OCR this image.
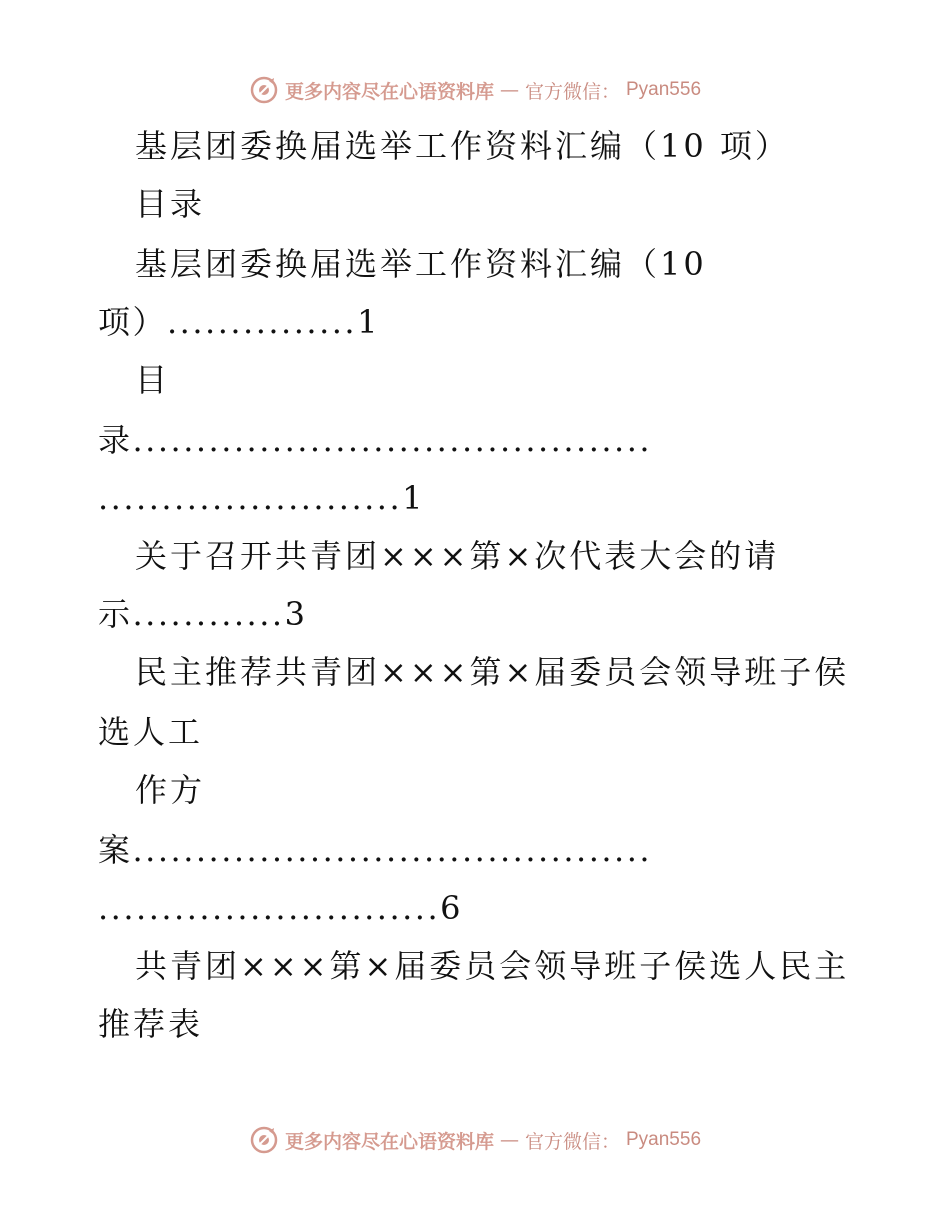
更多内容尽在心语资料库 — 官方微信： Pyan556
基层团委换届选举工作资料汇编（10 项）
目录
基层团委换届选举工作资料汇编（10
项）...............1
目
录.........................................
........................1
关于召开共青团×××第×次代表大会的请
示............3
民主推荐共青团×××第×届委员会领导班子侯
选人工
作方
案.........................................
...........................6
共青团×××第×届委员会领导班子侯选人民主
推荐表
更多内容尽在心语资料库 — 官方微信： Pyan556
